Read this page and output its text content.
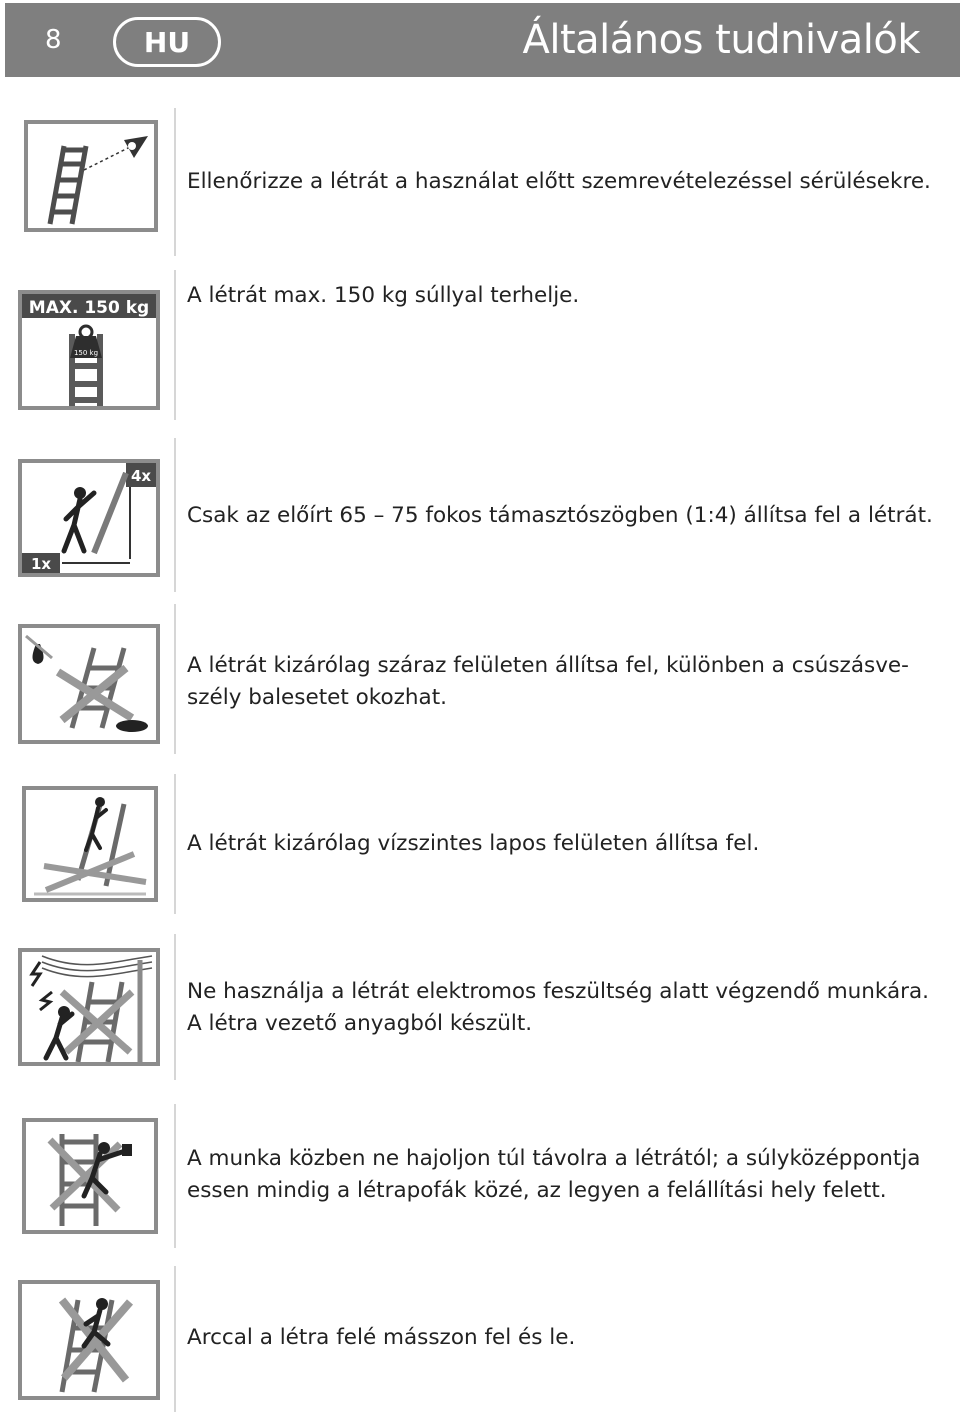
8	HU	Általános tudnivalók

Ellenőrizze a létrát a használat előtt szemrevételezéssel sérülésekre.

MAX. 150 kg
150 kg

A létrát max. 150 kg súllyal terhelje.

4x
1x

Csak az előírt 65 – 75 fokos támasztószögben (1:4) állítsa fel a létrát.

A létrát kizárólag száraz felületen állítsa fel, különben a csúszásve-

szély balesetet okozhat.

A létrát kizárólag vízszintes lapos felületen állítsa fel.

Ne használja a létrát elektromos feszültség alatt végzendő munkára.

A létra vezető anyagból készült.

A munka közben ne hajoljon túl távolra a létrától; a súlyközéppontja

essen mindig a létrapofák közé, az legyen a felállítási hely felett.

Arccal a létra felé másszon fel és le.
